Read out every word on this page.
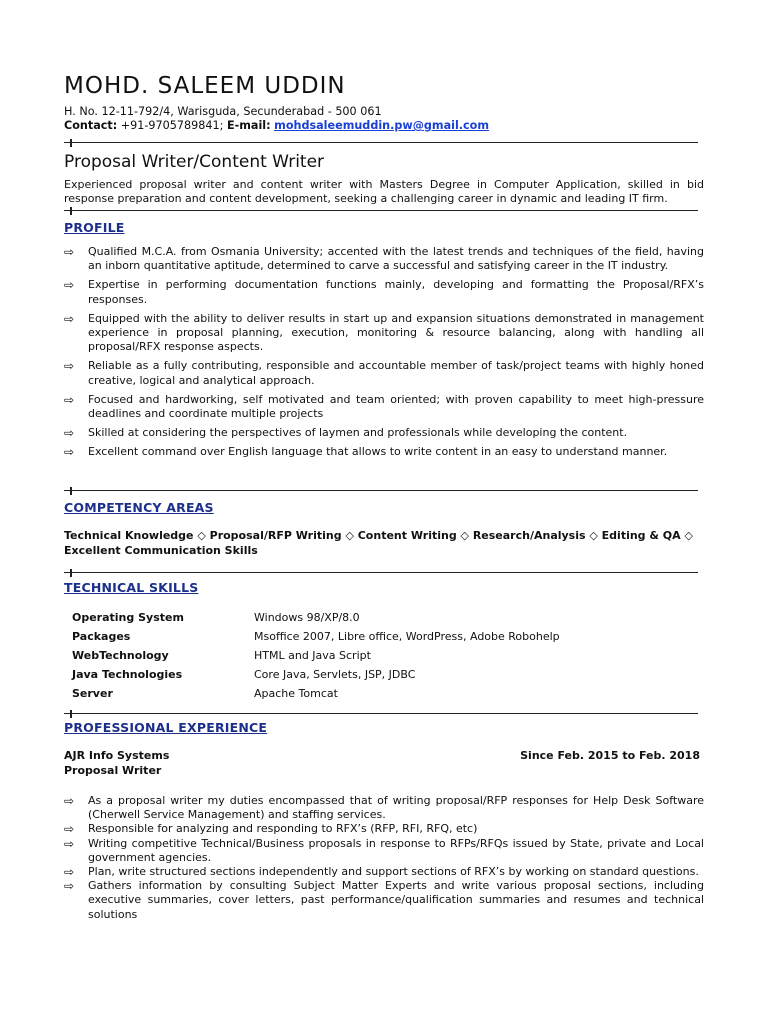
MOHD. SALEEM UDDIN
H. No. 12-11-792/4, Warisguda, Secunderabad - 500 061
Contact: +91-9705789841; E-mail: mohdsaleemuddin.pw@gmail.com
Proposal Writer/Content Writer

Experienced proposal writer and content writer with Masters Degree in Computer Application, skilled in bid response preparation and content development, seeking a challenging career in dynamic and leading IT firm.

PROFILE
⇨ Qualified M.C.A. from Osmania University; accented with the latest trends and techniques of the field, having an inborn quantitative aptitude, determined to carve a successful and satisfying career in the IT industry.
⇨ Expertise in performing documentation functions mainly, developing and formatting the Proposal/RFX’s responses.
⇨ Equipped with the ability to deliver results in start up and expansion situations demonstrated in management experience in proposal planning, execution, monitoring & resource balancing, along with handling all proposal/RFX response aspects.
⇨ Reliable as a fully contributing, responsible and accountable member of task/project teams with highly honed creative, logical and analytical approach.
⇨ Focused and hardworking, self motivated and team oriented; with proven capability to meet high-pressure deadlines and coordinate multiple projects
⇨ Skilled at considering the perspectives of laymen and professionals while developing the content.
⇨ Excellent command over English language that allows to write content in an easy to understand manner.
COMPETENCY AREAS

Technical Knowledge ◇ Proposal/RFP Writing ◇ Content Writing ◇ Research/Analysis ◇ Editing & QA ◇ Excellent Communication Skills

TECHNICAL SKILLS
Operating System	Windows 98/XP/8.0
Packages	Msoffice 2007, Libre office, WordPress, Adobe Robohelp
WebTechnology	HTML and Java Script
Java Technologies	Core Java, Servlets, JSP, JDBC
Server	Apache Tomcat
PROFESSIONAL EXPERIENCE
AJR Info Systems
Proposal Writer
Since Feb. 2015 to Feb. 2018
⇨ As a proposal writer my duties encompassed that of writing proposal/RFP responses for Help Desk Software (Cherwell Service Management) and staffing services.
⇨ Responsible for analyzing and responding to RFX’s (RFP, RFI, RFQ, etc)
⇨ Writing competitive Technical/Business proposals in response to RFPs/RFQs issued by State, private and Local government agencies.
⇨ Plan, write structured sections independently and support sections of RFX’s by working on standard questions.
⇨ Gathers information by consulting Subject Matter Experts and write various proposal sections, including executive summaries, cover letters, past performance/qualification summaries and resumes and technical solutions
